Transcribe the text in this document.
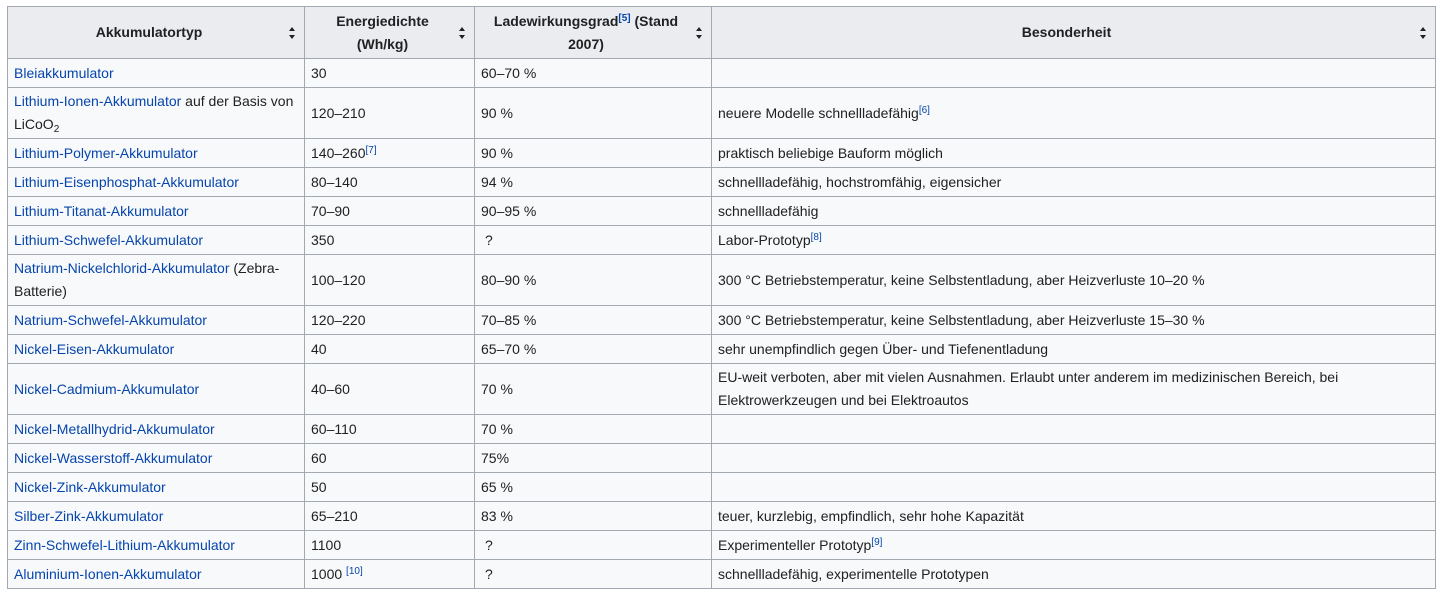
Akkumulatortyp	Energiedichte (Wh/kg)	Ladewirkungsgrad[5] (Stand 2007)	Besonderheit

Bleiakkumulator	30	60–70 %	
Lithium-Ionen-Akkumulator auf der Basis von LiCoO$_2$	120–210	90 %	neuere Modelle schnellladefähig[6]
Lithium-Polymer-Akkumulator	140–260[7]	90 %	praktisch beliebige Bauform möglich
Lithium-Eisenphosphat-Akkumulator	80–140	94 %	schnellladefähig, hochstromfähig, eigensicher
Lithium-Titanat-Akkumulator	70–90	90–95 %	schnellladefähig
Lithium-Schwefel-Akkumulator	350	?	Labor-Prototyp[8]
Natrium-Nickelchlorid-Akkumulator (Zebra-Batterie)	100–120	80–90 %	300 °C Betriebstemperatur, keine Selbstentladung, aber Heizverluste 10–20 %
Natrium-Schwefel-Akkumulator	120–220	70–85 %	300 °C Betriebstemperatur, keine Selbstentladung, aber Heizverluste 15–30 %
Nickel-Eisen-Akkumulator	40	65–70 %	sehr unempfindlich gegen Über- und Tiefenentladung
Nickel-Cadmium-Akkumulator	40–60	70 %	EU-weit verboten, aber mit vielen Ausnahmen. Erlaubt unter anderem im medizinischen Bereich, bei Elektrowerkzeugen und bei Elektroautos
Nickel-Metallhydrid-Akkumulator	60–110	70 %	
Nickel-Wasserstoff-Akkumulator	60	75%	
Nickel-Zink-Akkumulator	50	65 %	
Silber-Zink-Akkumulator	65–210	83 %	teuer, kurzlebig, empfindlich, sehr hohe Kapazität
Zinn-Schwefel-Lithium-Akkumulator	1100	?	Experimenteller Prototyp[9]
Aluminium-Ionen-Akkumulator	1000 [10]	?	schnellladefähig, experimentelle Prototypen
